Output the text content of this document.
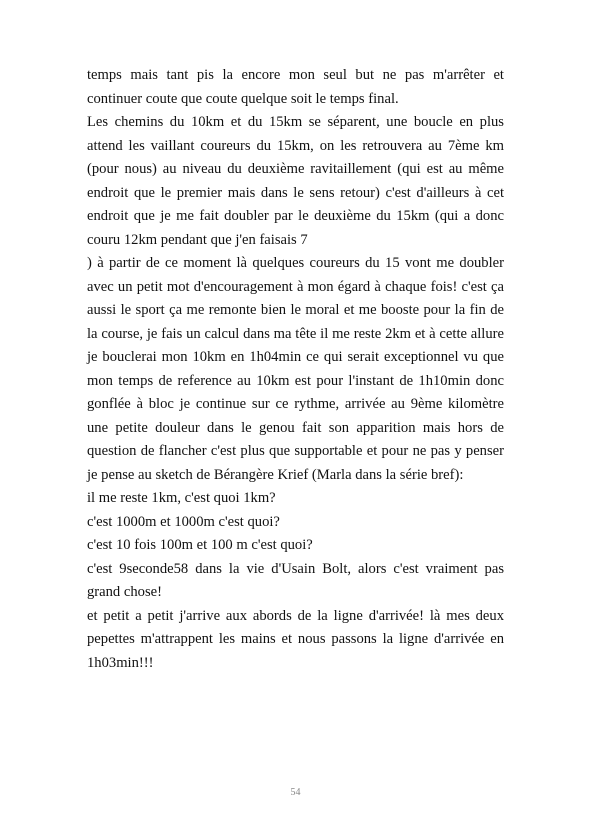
temps mais tant pis la encore mon seul but ne pas m'arrêter et continuer coute que coute quelque soit le temps final.

Les chemins du 10km et du 15km se séparent, une boucle en plus attend les vaillant coureurs du 15km, on les retrouvera au 7ème km (pour nous) au niveau du deuxième ravitaillement (qui est au même endroit que le premier mais dans le sens retour) c'est d'ailleurs à cet endroit que je me fait doubler par le deuxième du 15km (qui a donc couru 12km pendant que j'en faisais 7

) à partir de ce moment là quelques coureurs du 15 vont me doubler avec un petit mot d'encouragement à mon égard à chaque fois! c'est ça aussi le sport ça me remonte bien le moral et me booste pour la fin de la course, je fais un calcul dans ma tête il me reste 2km et à cette allure je bouclerai mon 10km en 1h04min ce qui serait exceptionnel vu que mon temps de reference au 10km est pour l'instant de 1h10min donc gonflée à bloc je continue sur ce rythme, arrivée au 9ème kilomètre une petite douleur dans le genou fait son apparition mais hors de question de flancher c'est plus que supportable et pour ne pas y penser je pense au sketch de Bérangère Krief (Marla dans la série bref):

il me reste 1km, c'est quoi 1km?

c'est 1000m et 1000m c'est quoi?

c'est 10 fois 100m et 100 m c'est quoi?

c'est 9seconde58 dans la vie d'Usain Bolt, alors c'est vraiment pas grand chose!

et petit a petit j'arrive aux abords de la ligne d'arrivée! là mes deux pepettes m'attrappent les mains et nous passons la ligne d'arrivée en 1h03min!!!

54
